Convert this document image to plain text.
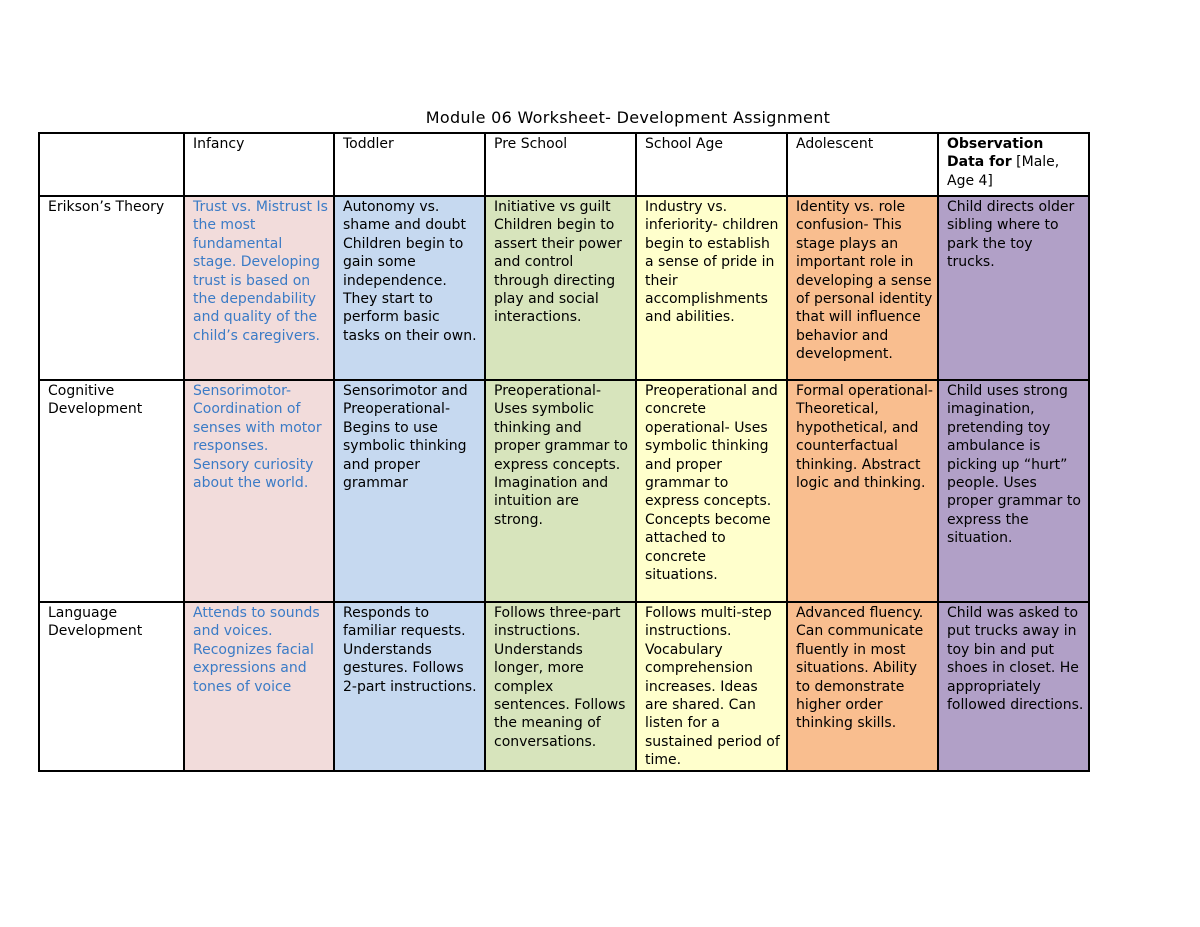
Module 06 Worksheet- Development Assignment
	Infancy	Toddler	Pre School	School Age	Adolescent	Observation Data for [Male, Age 4]
Erikson’s Theory	Trust vs. Mistrust Is the most fundamental stage. Developing trust is based on the dependability and quality of the child’s caregivers.	Autonomy vs. shame and doubt Children begin to gain some independence. They start to perform basic tasks on their own.	Initiative vs guilt Children begin to assert their power and control through directing play and social interactions.	Industry vs. inferiority- children begin to establish a sense of pride in their accomplishments and abilities.	Identity vs. role confusion- This stage plays an important role in developing a sense of personal identity that will influence behavior and development.	Child directs older sibling where to park the toy trucks.
Cognitive Development	Sensorimotor- Coordination of senses with motor responses. Sensory curiosity about the world.	Sensorimotor and Preoperational- Begins to use symbolic thinking and proper grammar	Preoperational- Uses symbolic thinking and proper grammar to express concepts. Imagination and intuition are strong.	Preoperational and concrete operational- Uses symbolic thinking and proper grammar to express concepts. Concepts become attached to concrete situations.	Formal operational- Theoretical, hypothetical, and counterfactual thinking. Abstract logic and thinking.	Child uses strong imagination, pretending toy ambulance is picking up “hurt” people. Uses proper grammar to express the situation.
Language Development	Attends to sounds and voices. Recognizes facial expressions and tones of voice	Responds to familiar requests. Understands gestures. Follows 2-part instructions.	Follows three-part instructions. Understands longer, more complex sentences. Follows the meaning of conversations.	Follows multi-step instructions. Vocabulary comprehension increases. Ideas are shared. Can listen for a sustained period of time.	Advanced fluency. Can communicate fluently in most situations. Ability to demonstrate higher order thinking skills.	Child was asked to put trucks away in toy bin and put shoes in closet. He appropriately followed directions.
